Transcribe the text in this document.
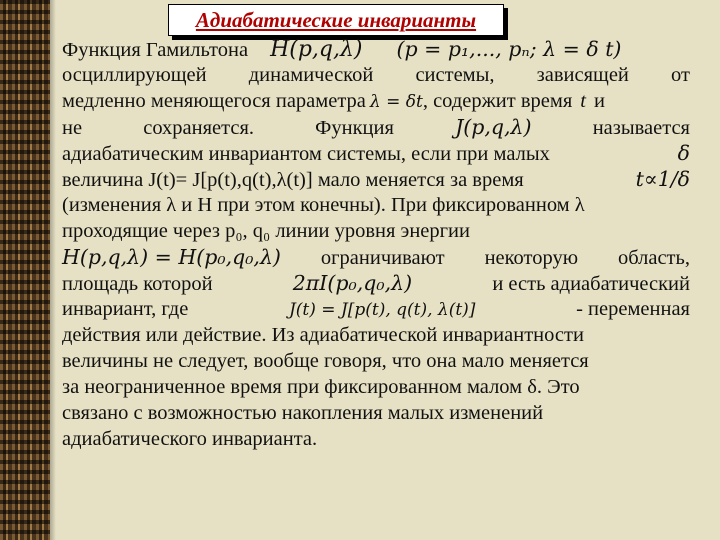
Адиабатические инварианты
Функция Гамильтона H(p,q,λ) (p = p₁,..., pₙ; λ = δ t)
осциллирующей динамической системы, зависящей от
медленно меняющегося параметра λ = δt , содержит время t и
не	сохраняется.	Функция	J(p,q,λ)	называется
адиабатическим инвариантом системы, если при малых	δ
величина J(t)= J[p(t),q(t),λ(t)] мало меняется за время	t∝1/δ
(изменения λ и H при этом конечны). При фиксированном λ
проходящие через p₀, q₀ линии уровня энергии
H(p,q,λ) = H(p₀,q₀,λ) ограничивают некоторую область,
площадь которой	2πI(p₀,q₀,λ)	и есть адиабатический
инвариант, где	J(t) = J[p(t), q(t), λ(t)]	- переменная
действия или действие. Из адиабатической инвариантности
величины не следует, вообще говоря, что она мало меняется
за неограниченное время при фиксированном малом δ. Это
связано с возможностью накопления малых изменений
адиабатического инварианта.
